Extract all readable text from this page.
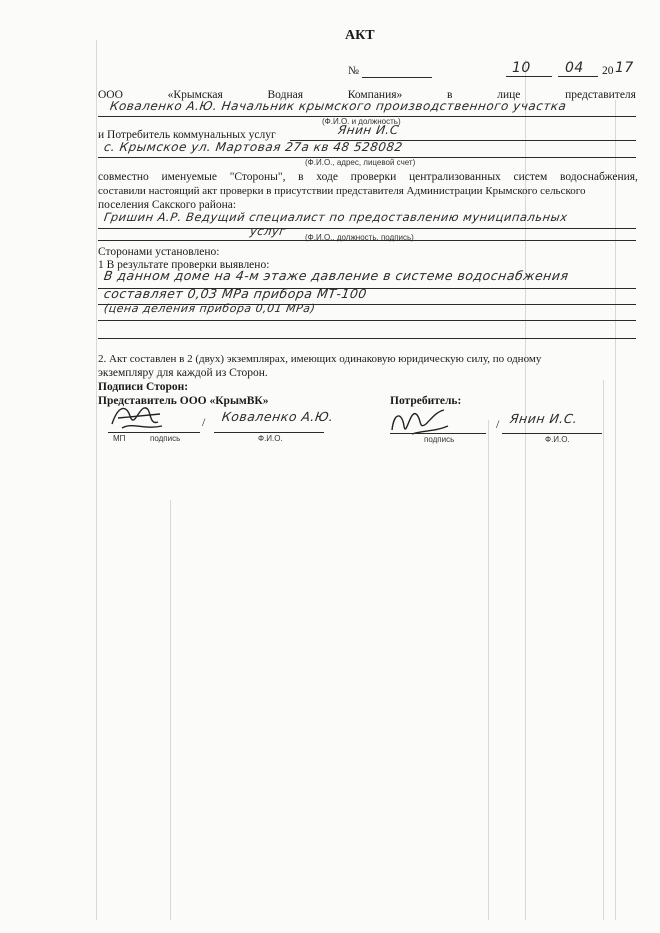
АКТ
№	10 04 20 17
ООО	«Крымская	Водная	Компания»	в	лице	представителя
Коваленко А.Ю. Начальник крымского производственного участка
(Ф.И.О. и должность)
и Потребитель коммунальных услуг	Янин И.С
с. Крымское ул. Мартовая 27а кв 48 528082
(Ф.И.О., адрес, лицевой счет)
совместно именуемые "Стороны", в ходе проверки централизованных систем водоснабжения,
составили настоящий акт проверки в присутствии представителя Администрации Крымского сельского
поселения Сакского района:
Гришин А.Р. Ведущий специалист по предоставлению муниципальных
услуг (Ф.И.О., должность, подпись)
Сторонами установлено:
1 В результате проверки выявлено:
В данном доме на 4-м этаже давление в системе водоснабжения
составляет 0,03 МРа прибора МТ-100
(цена деления прибора 0,01 МРа)
2. Акт составлен в 2 (двух) экземплярах, имеющих одинаковую юридическую силу, по одному
экземпляру для каждой из Сторон.
Подписи Сторон:
Представитель ООО «КрымВК»	Потребитель:
/ Коваленко А.Ю.
МП	подпись	Ф.И.О.
/ Янин И.С.
подпись	Ф.И.О.
